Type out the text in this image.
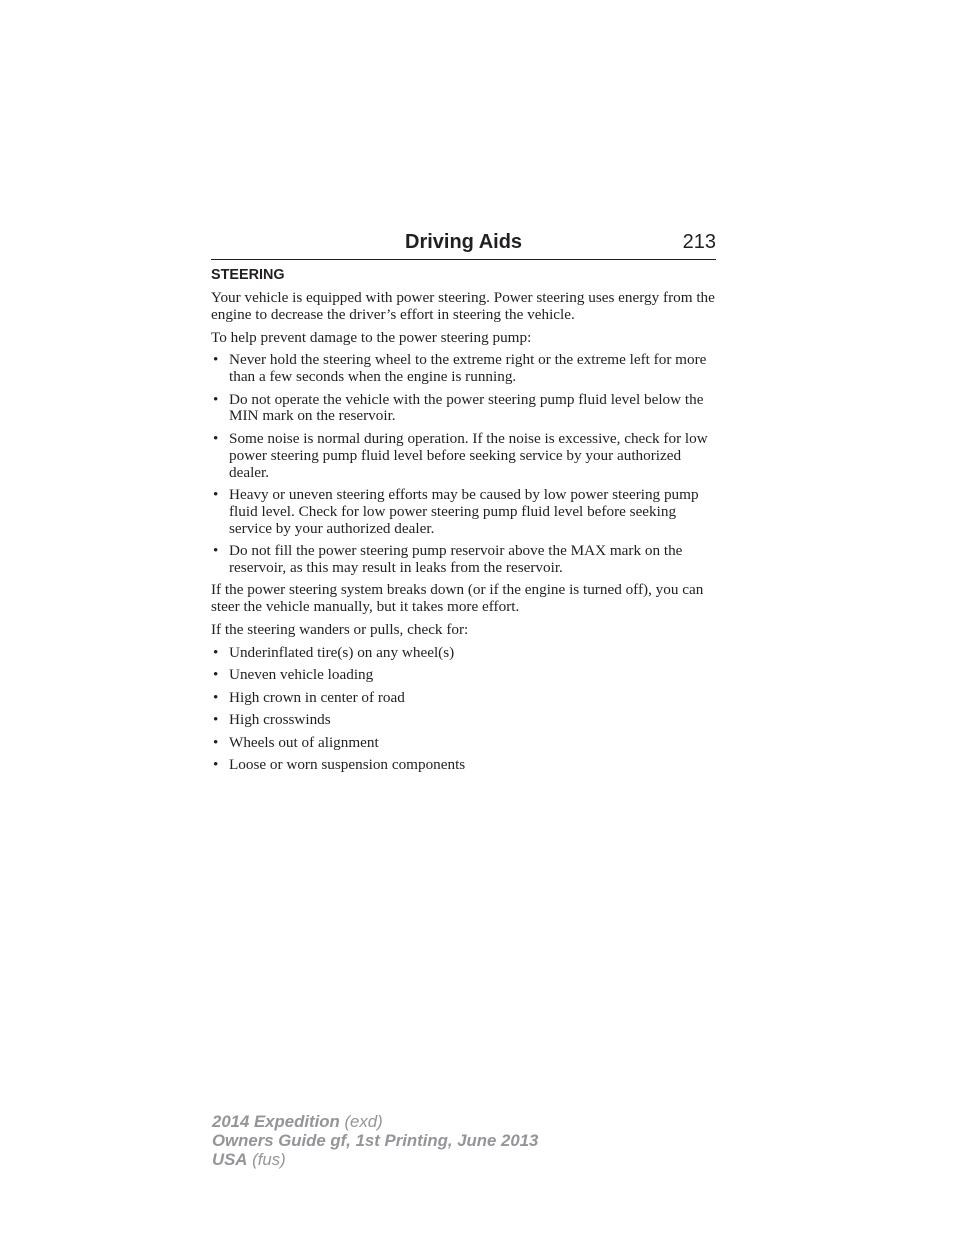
Driving Aids	213
STEERING

Your vehicle is equipped with power steering. Power steering uses energy from the engine to decrease the driver’s effort in steering the vehicle.

To help prevent damage to the power steering pump:

• Never hold the steering wheel to the extreme right or the extreme left for more than a few seconds when the engine is running.
• Do not operate the vehicle with the power steering pump fluid level below the MIN mark on the reservoir.
• Some noise is normal during operation. If the noise is excessive, check for low power steering pump fluid level before seeking service by your authorized dealer.
• Heavy or uneven steering efforts may be caused by low power steering pump fluid level. Check for low power steering pump fluid level before seeking service by your authorized dealer.
• Do not fill the power steering pump reservoir above the MAX mark on the reservoir, as this may result in leaks from the reservoir.

If the power steering system breaks down (or if the engine is turned off), you can steer the vehicle manually, but it takes more effort.

If the steering wanders or pulls, check for:

• Underinflated tire(s) on any wheel(s)
• Uneven vehicle loading
• High crown in center of road
• High crosswinds
• Wheels out of alignment
• Loose or worn suspension components
2014 Expedition (exd)
Owners Guide gf, 1st Printing, June 2013
USA (fus)
